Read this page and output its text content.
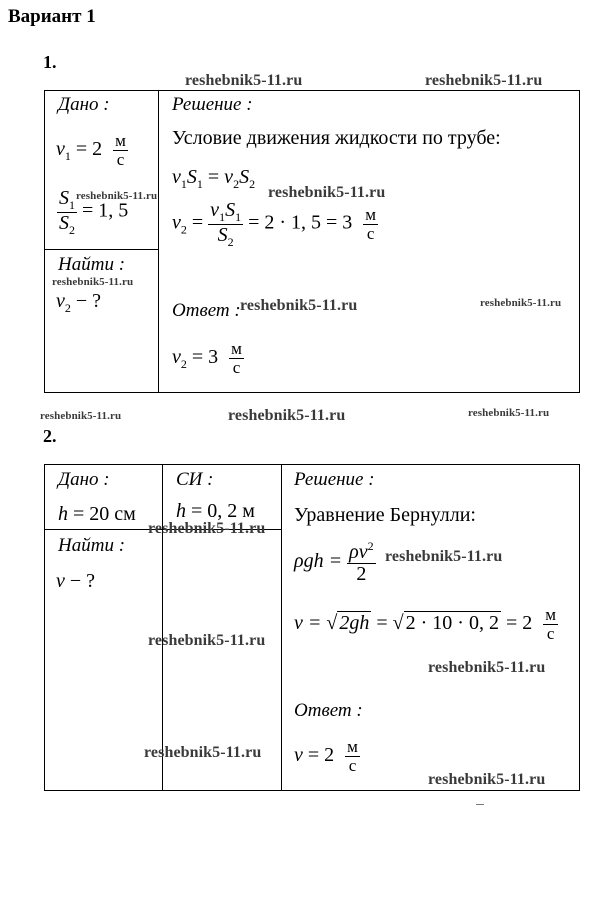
Вариант 1
1.
reshebnik5-11.ru	reshebnik5-11.ru
Дано :
$v_1 = 2$ м
с
reshebnik5-11.ru
$\frac{S_1}{S_2} = 1$, 5
Найти :
reshebnik5-11.ru
$v_2$ − ?
Решение :
Условие движения жидкости по трубе:
$v_1S_1 = v_2S_2$ reshebnik5-11.ru
$v_2 = \frac{v_1S_1}{S_2} = 2 \cdot 1$, 5 = 3 м
с
Ответ : reshebnik5-11.ru	reshebnik5-11.ru
$v_2 = 3$ м
с
reshebnik5-11.ru	reshebnik5-11.ru	reshebnik5-11.ru
2.
Дано :
h = 20 см
СИ :
h = 0, 2 м
reshebnik5-11.ru
Найти :
v − ?
Решение :
Уравнение Бернулли:
$\rho gh = \frac{\rho v^2}{2}$ reshebnik5-11.ru
v = √ 2gh = √ 2 · 10 · 0, 2 = 2 м
с
reshebnik5-11.ru
reshebnik5-11.ru
Ответ :
reshebnik5-11.ru v = 2 м
с
reshebnik5-11.ru
